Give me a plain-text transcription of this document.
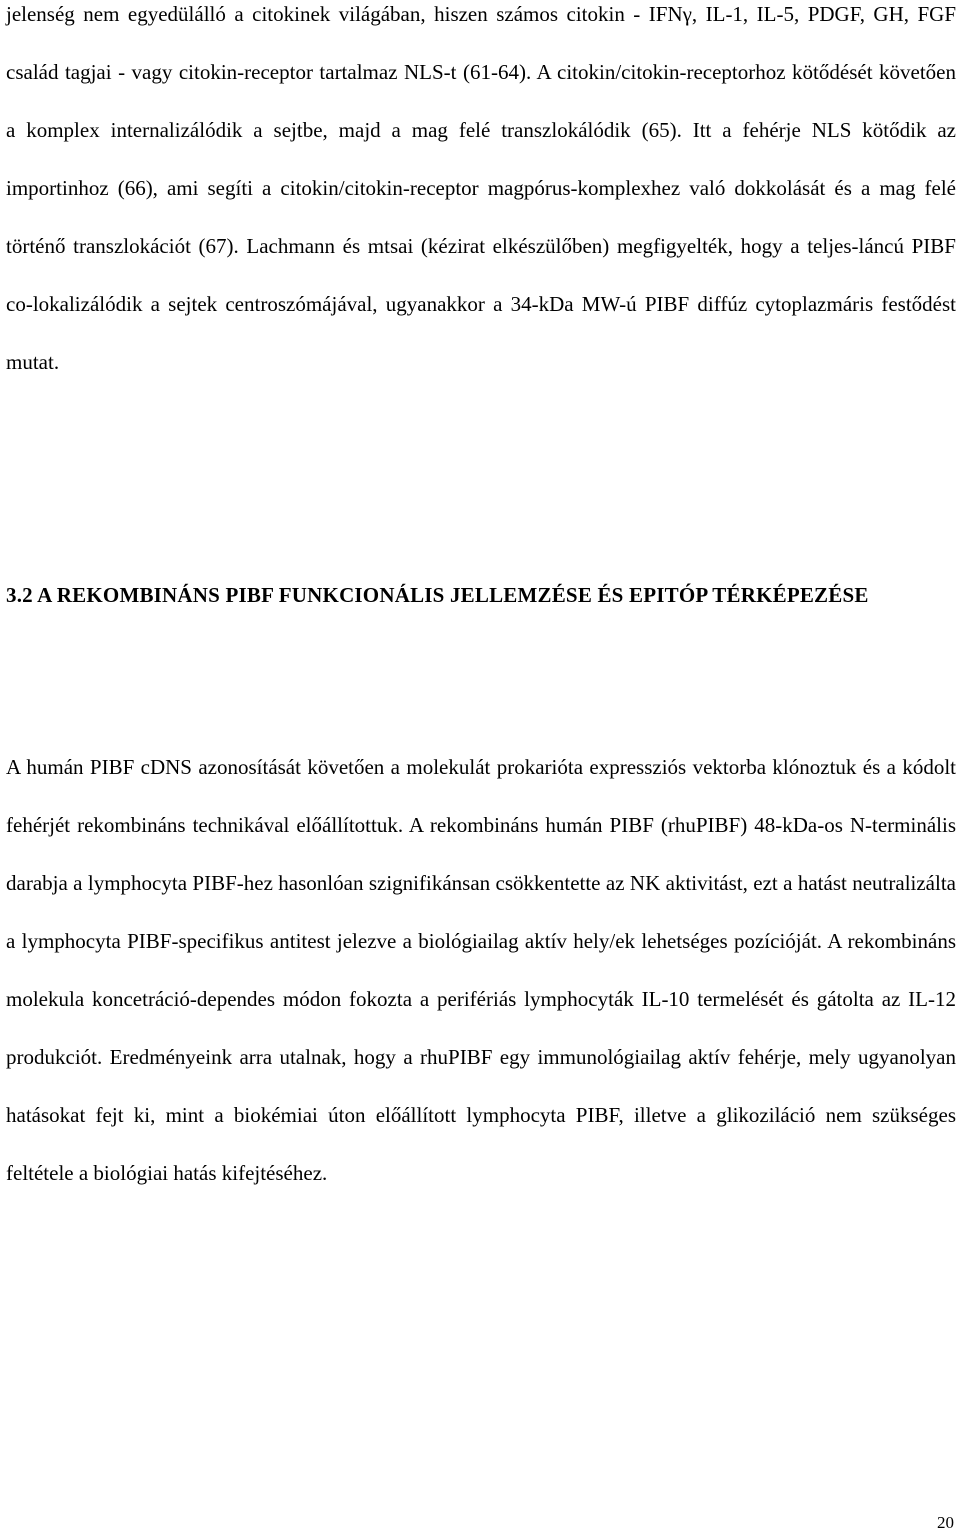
jelenség nem egyedülálló a citokinek világában, hiszen számos citokin - IFNγ, IL-1, IL-5, PDGF, GH, FGF család tagjai - vagy citokin-receptor tartalmaz NLS-t (61-64). A citokin/citokin-receptorhoz kötődését követően a komplex internalizálódik a sejtbe, majd a mag felé transzlokálódik (65). Itt a fehérje NLS kötődik az importinhoz (66), ami segíti a citokin/citokin-receptor magpórus-komplexhez való dokkolását és a mag felé történő transzlokációt (67). Lachmann és mtsai (kézirat elkészülőben) megfigyelték, hogy a teljes-láncú PIBF co-lokalizálódik a sejtek centroszómájával, ugyanakkor a 34-kDa MW-ú PIBF diffúz cytoplazmáris festődést mutat.

3.2 A REKOMBINÁNS PIBF FUNKCIONÁLIS JELLEMZÉSE ÉS EPITÓP TÉRKÉPEZÉSE

A humán PIBF cDNS azonosítását követően a molekulát prokarióta expressziós vektorba klónoztuk és a kódolt fehérjét rekombináns technikával előállítottuk. A rekombináns humán PIBF (rhuPIBF) 48-kDa-os N-terminális darabja a lymphocyta PIBF-hez hasonlóan szignifikánsan csökkentette az NK aktivitást, ezt a hatást neutralizálta a lymphocyta PIBF-specifikus antitest jelezve a biológiailag aktív hely/ek lehetséges pozícióját. A rekombináns molekula koncetráció-dependes módon fokozta a perifériás lymphocyták IL-10 termelését és gátolta az IL-12 produkciót. Eredményeink arra utalnak, hogy a rhuPIBF egy immunológiailag aktív fehérje, mely ugyanolyan hatásokat fejt ki, mint a biokémiai úton előállított lymphocyta PIBF, illetve a glikoziláció nem szükséges feltétele a biológiai hatás kifejtéséhez.

20
